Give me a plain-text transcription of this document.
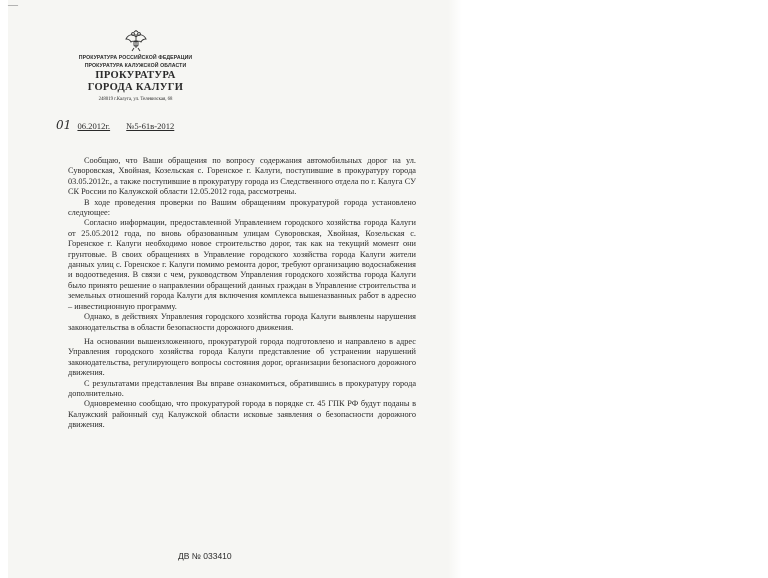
—
ПРОКУРАТУРА РОССИЙСКОЙ ФЕДЕРАЦИИ
ПРОКУРАТУРА КАЛУЖСКОЙ ОБЛАСТИ
ПРОКУРАТУРА
ГОРОДА КАЛУГИ
248019 г.Калуга, ул. Телевизская, 68
01 06.2012г. №5-61в-2012

Сообщаю, что Ваши обращения по вопросу содержания автомобильных дорог на ул. Суворовская, Хвойная, Козельская с. Горенское г. Калуги, поступившие в прокуратуру города 03.05.2012г., а также поступившие в прокуратуру города из Следственного отдела по г. Калуга СУ СК России по Калужской области 12.05.2012 года, рассмотрены.

В ходе проведения проверки по Вашим обращениям прокуратурой города установлено следующее:

Согласно информации, предоставленной Управлением городского хозяйства города Калуги от 25.05.2012 года, по вновь образованным улицам Суворовская, Хвойная, Козельская с. Горенское г. Калуги необходимо новое строительство дорог, так как на текущий момент они грунтовые. В своих обращениях в Управление городского хозяйства города Калуги жители данных улиц с. Горенское г. Калуги помимо ремонта дорог, требуют организацию водоснабжения и водоотведения. В связи с чем, руководством Управления городского хозяйства города Калуги было принято решение о направлении обращений данных граждан в Управление строительства и земельных отношений города Калуги для включения комплекса вышеназванных работ в адресно – инвестиционную программу.

Однако, в действиях Управления городского хозяйства города Калуги выявлены нарушения законодательства в области безопасности дорожного движения.

На основании вышеизложенного, прокуратурой города подготовлено и направлено в адрес Управления городского хозяйства города Калуги представление об устранении нарушений законодательства, регулирующего вопросы состояния дорог, организации безопасного дорожного движения.

С результатами представления Вы вправе ознакомиться, обратившись в прокуратуру города дополнительно.

Одновременно сообщаю, что прокуратурой города в порядке ст. 45 ГПК РФ будут поданы в Калужский районный суд Калужской области исковые заявления о безопасности дорожного движения.

ДВ № 033410
